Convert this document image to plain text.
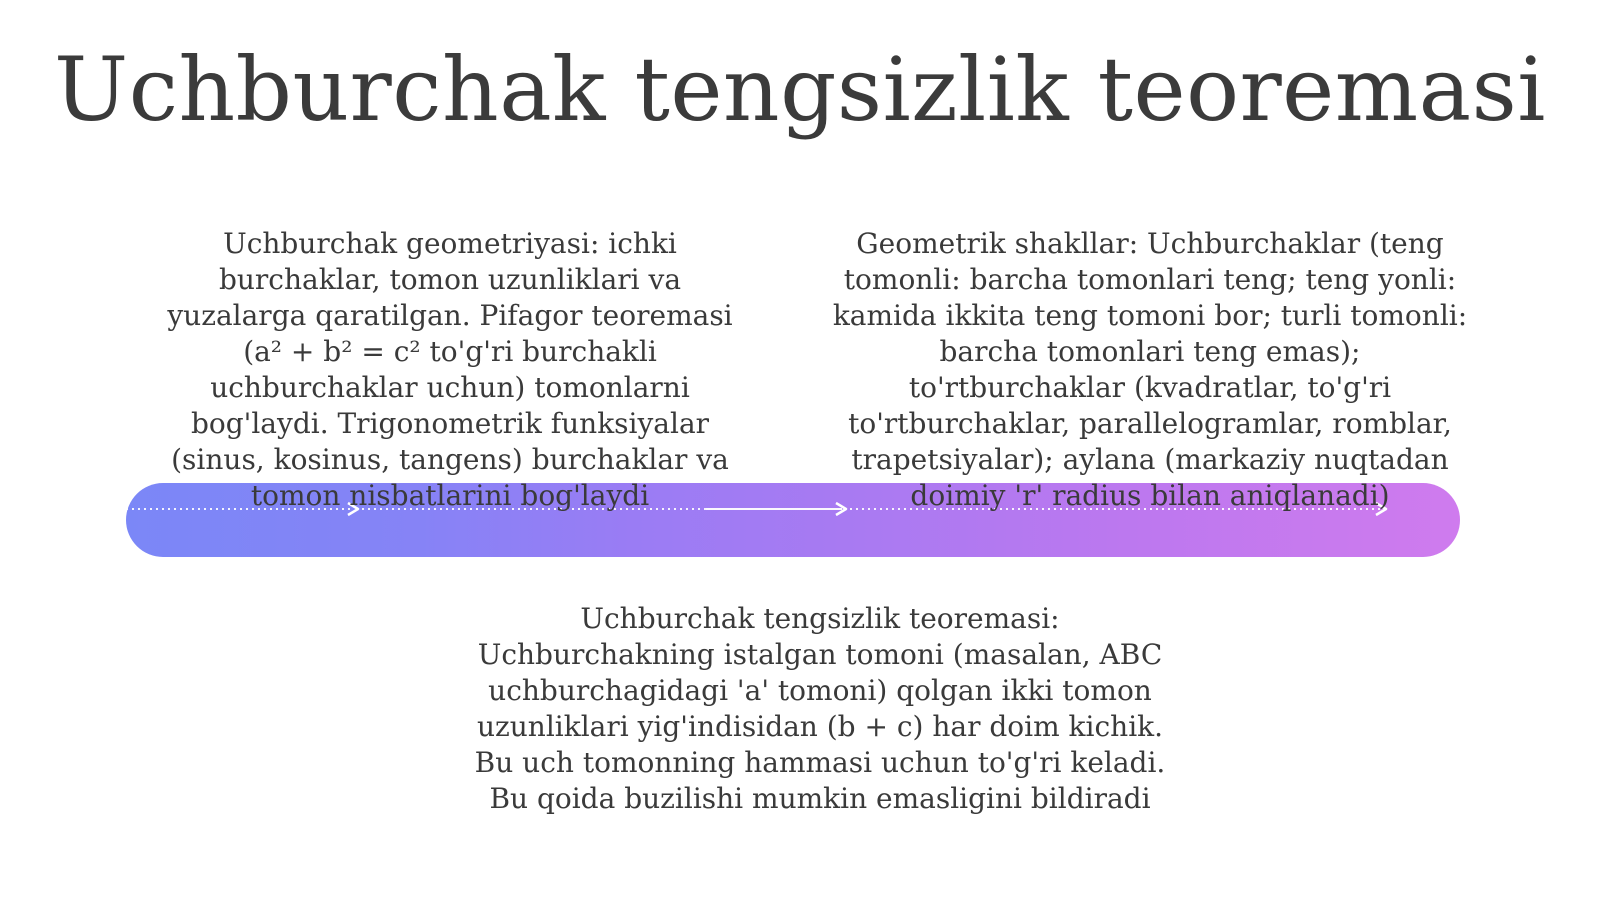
Uchburchak tengsizlik teoremasi
Uchburchak geometriyasi: ichki burchaklar, tomon uzunliklari va yuzalarga qaratilgan. Pifagor teoremasi (a² + b² = c² to'g'ri burchakli uchburchaklar uchun) tomonlarni bog'laydi. Trigonometrik funksiyalar (sinus, kosinus, tangens) burchaklar va tomon nisbatlarini bog'laydi
Geometrik shakllar: Uchburchaklar (teng tomonli: barcha tomonlari teng; teng yonli: kamida ikkita teng tomoni bor; turli tomonli: barcha tomonlari teng emas); to'rtburchaklar (kvadratlar, to'g'ri to'rtburchaklar, parallelogramlar, romblar, trapetsiyalar); aylana (markaziy nuqtadan doimiy 'r' radius bilan aniqlanadi)
Uchburchak tengsizlik teoremasi: Uchburchakning istalgan tomoni (masalan, ABC uchburchagidagi 'a' tomoni) qolgan ikki tomon uzunliklari yig'indisidan (b + c) har doim kichik. Bu uch tomonning hammasi uchun to'g'ri keladi. Bu qoida buzilishi mumkin emasligini bildiradi
